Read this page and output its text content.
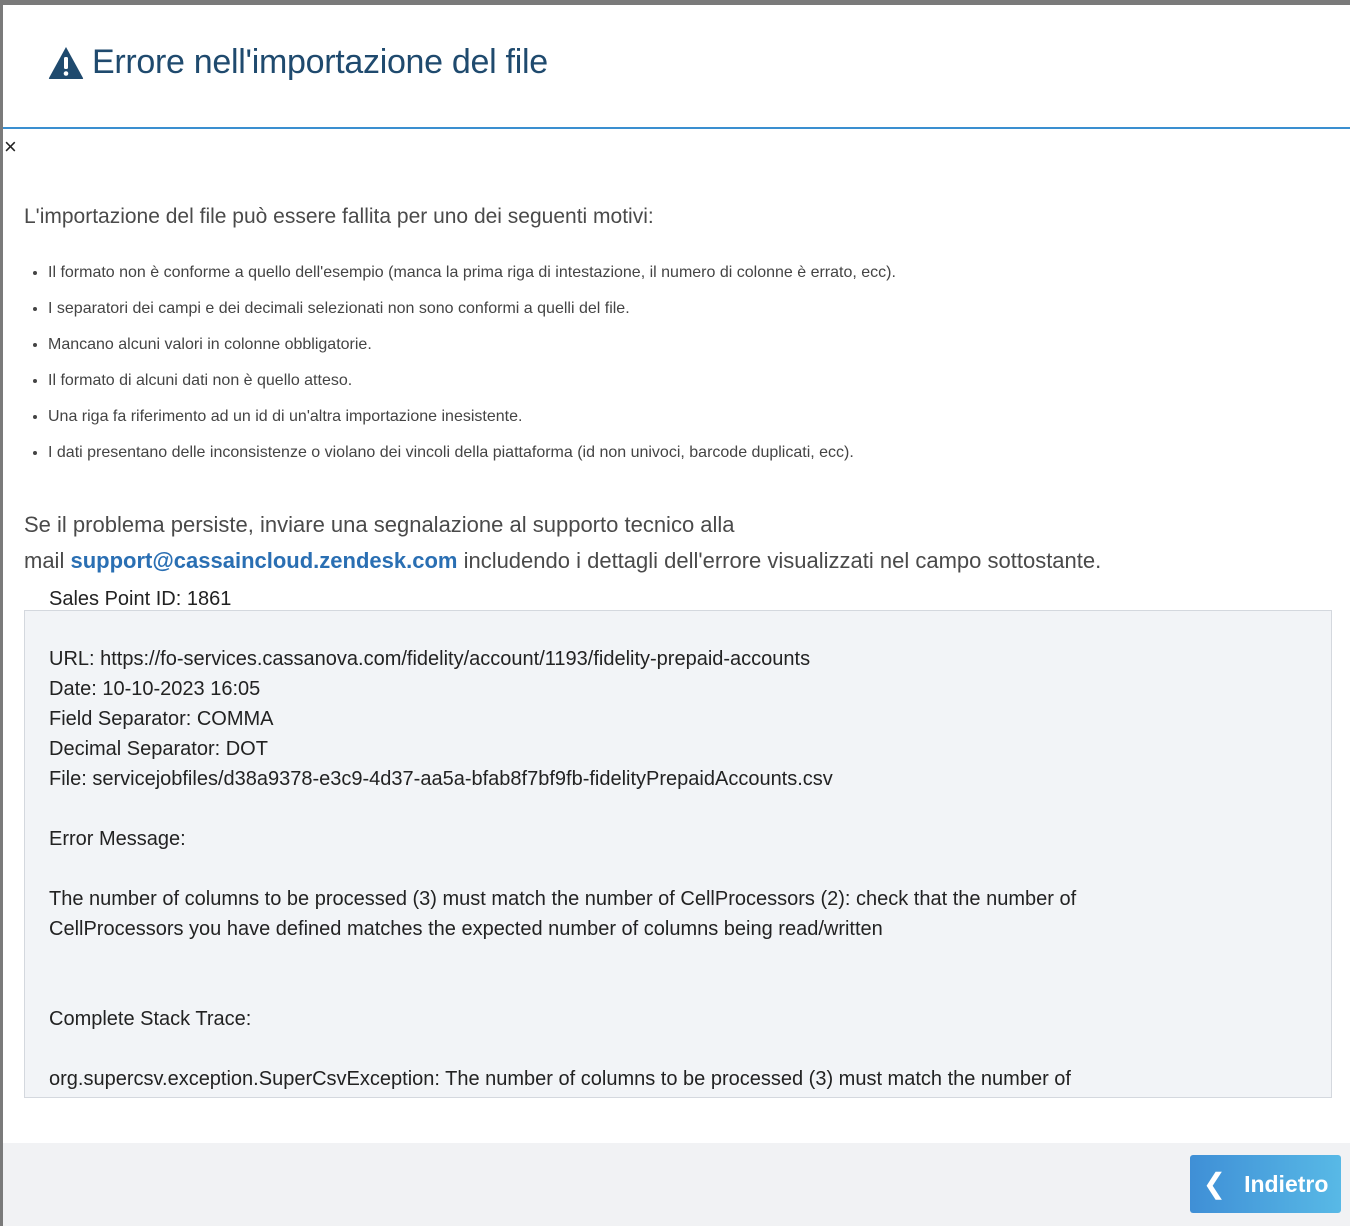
Errore nell'importazione del file
×
L'importazione del file può essere fallita per uno dei seguenti motivi:
• Il formato non è conforme a quello dell'esempio (manca la prima riga di intestazione, il numero di colonne è errato, ecc).
• I separatori dei campi e dei decimali selezionati non sono conformi a quelli del file.
• Mancano alcuni valori in colonne obbligatorie.
• Il formato di alcuni dati non è quello atteso.
• Una riga fa riferimento ad un id di un'altra importazione inesistente.
• I dati presentano delle inconsistenze o violano dei vincoli della piattaforma (id non univoci, barcode duplicati, ecc).
Se il problema persiste, inviare una segnalazione al supporto tecnico alla
mail support@cassaincloud.zendesk.com includendo i dettagli dell'errore visualizzati nel campo sottostante.
Sales Point ID: 1861
URL: https://fo-services.cassanova.com/fidelity/account/1193/fidelity-prepaid-accounts
Date: 10-10-2023 16:05
Field Separator: COMMA
Decimal Separator: DOT
File: servicejobfiles/d38a9378-e3c9-4d37-aa5a-bfab8f7bf9fb-fidelityPrepaidAccounts.csv
Error Message:
The number of columns to be processed (3) must match the number of CellProcessors (2): check that the number of
CellProcessors you have defined matches the expected number of columns being read/written
Complete Stack Trace:
org.supercsv.exception.SuperCsvException: The number of columns to be processed (3) must match the number of
❮ Indietro
